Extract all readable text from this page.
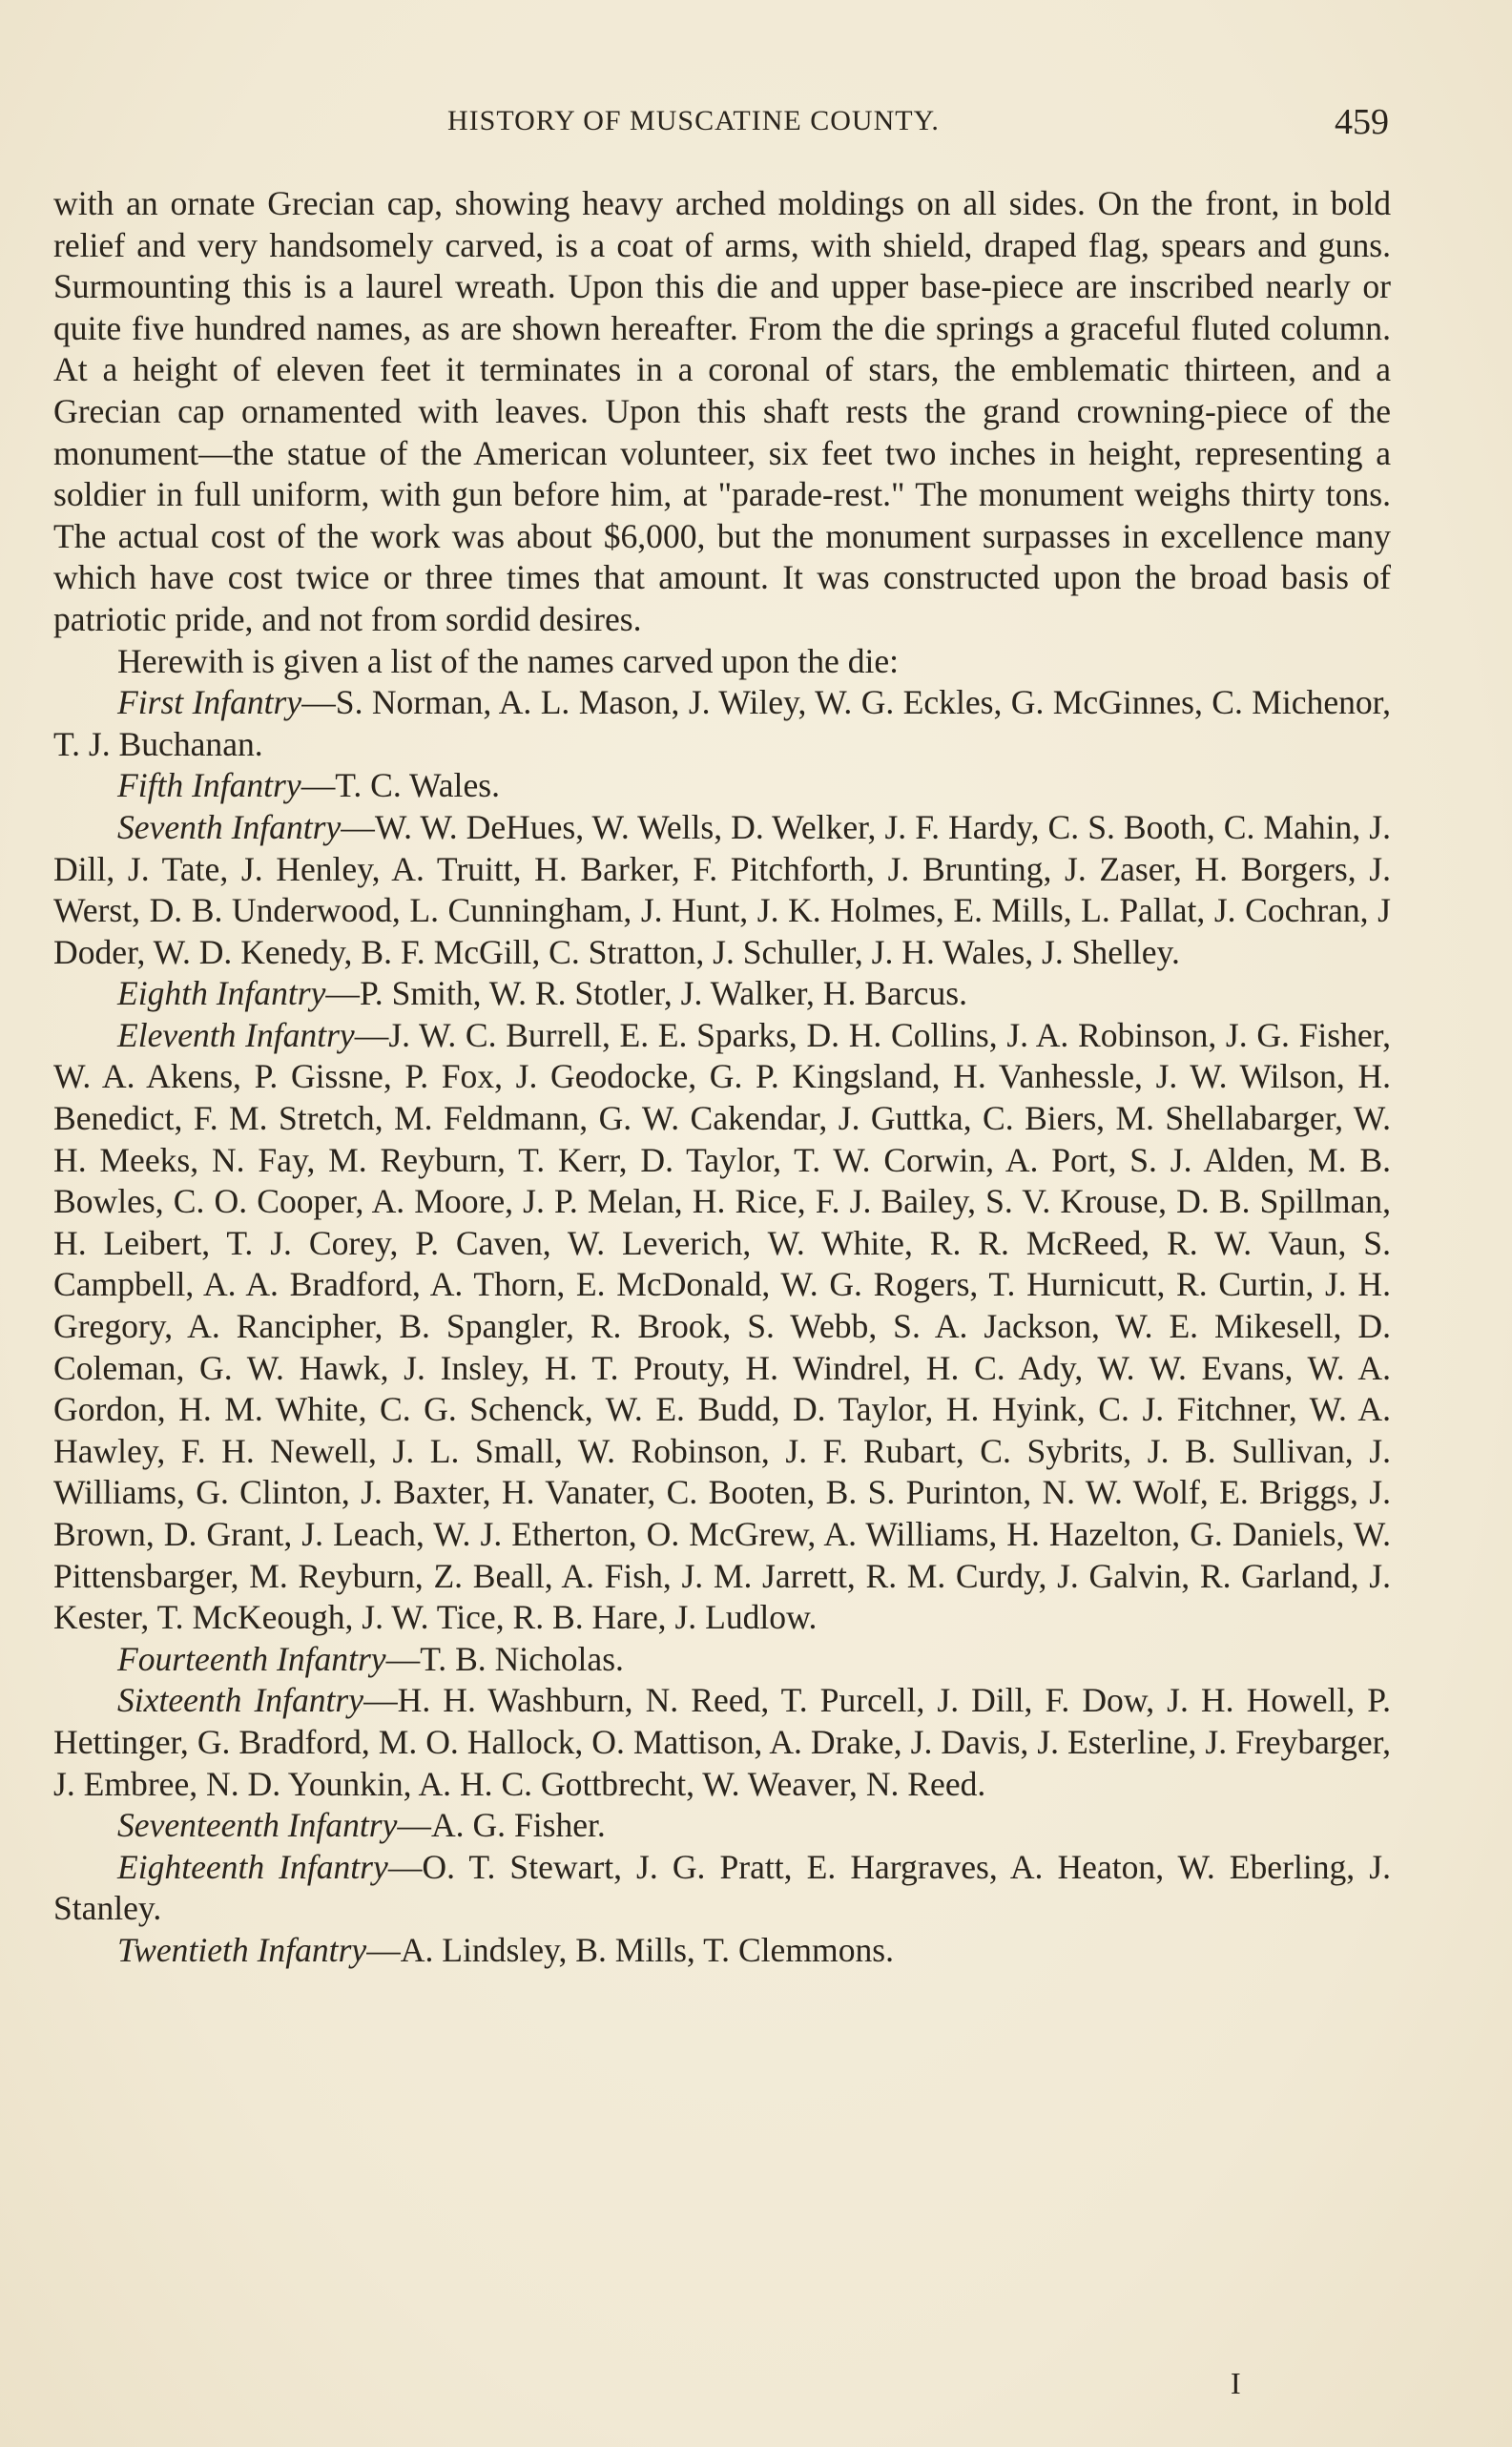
HISTORY OF MUSCATINE COUNTY.	459

with an ornate Grecian cap, showing heavy arched moldings on all sides. On the front, in bold relief and very handsomely carved, is a coat of arms, with shield, draped flag, spears and guns. Surmounting this is a laurel wreath. Upon this die and upper base-piece are inscribed nearly or quite five hundred names, as are shown hereafter. From the die springs a graceful fluted column. At a height of eleven feet it terminates in a coronal of stars, the emblematic thirteen, and a Grecian cap ornamented with leaves. Upon this shaft rests the grand crowning-piece of the monument—the statue of the American volunteer, six feet two inches in height, representing a soldier in full uniform, with gun before him, at "parade-rest." The monument weighs thirty tons. The actual cost of the work was about $6,000, but the monument surpasses in excellence many which have cost twice or three times that amount. It was constructed upon the broad basis of patriotic pride, and not from sordid desires.

Herewith is given a list of the names carved upon the die:

First Infantry—S. Norman, A. L. Mason, J. Wiley, W. G. Eckles, G. McGinnes, C. Michenor, T. J. Buchanan.

Fifth Infantry—T. C. Wales.

Seventh Infantry—W. W. DeHues, W. Wells, D. Welker, J. F. Hardy, C. S. Booth, C. Mahin, J. Dill, J. Tate, J. Henley, A. Truitt, H. Barker, F. Pitchforth, J. Brunting, J. Zaser, H. Borgers, J. Werst, D. B. Underwood, L. Cunningham, J. Hunt, J. K. Holmes, E. Mills, L. Pallat, J. Cochran, J Doder, W. D. Kenedy, B. F. McGill, C. Stratton, J. Schuller, J. H. Wales, J. Shelley.

Eighth Infantry—P. Smith, W. R. Stotler, J. Walker, H. Barcus.

Eleventh Infantry—J. W. C. Burrell, E. E. Sparks, D. H. Collins, J. A. Robinson, J. G. Fisher, W. A. Akens, P. Gissne, P. Fox, J. Geodocke, G. P. Kingsland, H. Vanhessle, J. W. Wilson, H. Benedict, F. M. Stretch, M. Feldmann, G. W. Cakendar, J. Guttka, C. Biers, M. Shellabarger, W. H. Meeks, N. Fay, M. Reyburn, T. Kerr, D. Taylor, T. W. Corwin, A. Port, S. J. Alden, M. B. Bowles, C. O. Cooper, A. Moore, J. P. Melan, H. Rice, F. J. Bailey, S. V. Krouse, D. B. Spillman, H. Leibert, T. J. Corey, P. Caven, W. Leverich, W. White, R. R. McReed, R. W. Vaun, S. Campbell, A. A. Bradford, A. Thorn, E. McDonald, W. G. Rogers, T. Hurnicutt, R. Curtin, J. H. Gregory, A. Rancipher, B. Spangler, R. Brook, S. Webb, S. A. Jackson, W. E. Mikesell, D. Coleman, G. W. Hawk, J. Insley, H. T. Prouty, H. Windrel, H. C. Ady, W. W. Evans, W. A. Gordon, H. M. White, C. G. Schenck, W. E. Budd, D. Taylor, H. Hyink, C. J. Fitchner, W. A. Hawley, F. H. Newell, J. L. Small, W. Robinson, J. F. Rubart, C. Sybrits, J. B. Sullivan, J. Williams, G. Clinton, J. Baxter, H. Vanater, C. Booten, B. S. Purinton, N. W. Wolf, E. Briggs, J. Brown, D. Grant, J. Leach, W. J. Etherton, O. McGrew, A. Williams, H. Hazelton, G. Daniels, W. Pittensbarger, M. Reyburn, Z. Beall, A. Fish, J. M. Jarrett, R. M. Curdy, J. Galvin, R. Garland, J. Kester, T. McKeough, J. W. Tice, R. B. Hare, J. Ludlow.

Fourteenth Infantry—T. B. Nicholas.

Sixteenth Infantry—H. H. Washburn, N. Reed, T. Purcell, J. Dill, F. Dow, J. H. Howell, P. Hettinger, G. Bradford, M. O. Hallock, O. Mattison, A. Drake, J. Davis, J. Esterline, J. Freybarger, J. Embree, N. D. Younkin, A. H. C. Gottbrecht, W. Weaver, N. Reed.

Seventeenth Infantry—A. G. Fisher.

Eighteenth Infantry—O. T. Stewart, J. G. Pratt, E. Hargraves, A. Heaton, W. Eberling, J. Stanley.

Twentieth Infantry—A. Lindsley, B. Mills, T. Clemmons.

I
